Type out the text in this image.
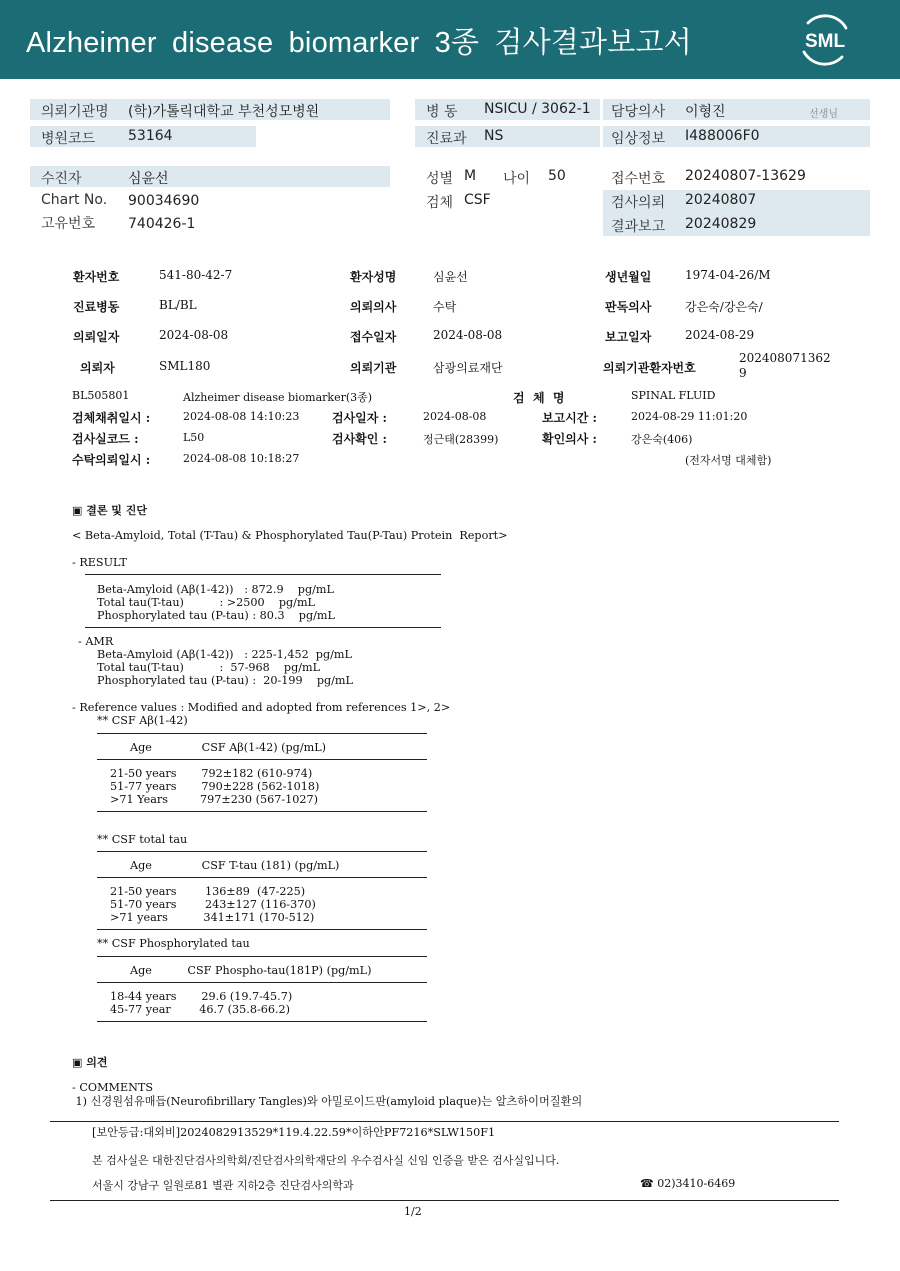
Alzheimer disease biomarker 3종 검사결과보고서	SML
의뢰기관명 (학)가톨릭대학교 부천성모병원
병원코드 53164
병 동 NSICU / 3062-1
진료과 NS
담당의사 이형진	선생님
임상정보 I488006F0
수진자	심윤선
Chart No. 90034690
고유번호 740426-1
성별 M 나이 50
검체 CSF
접수번호 20240807-13629
검사의뢰 20240807
결과보고 20240829
환자번호	541-80-42-7	환자성명	심윤선	생년월일	1974-04-26/M
진료병동	BL/BL	의뢰의사	수탁	판독의사	강은숙/강은숙/
의뢰일자	2024-08-08	접수일자	2024-08-08	보고일자	2024-08-29
의뢰자	SML180	의뢰기관	삼광의료재단	의뢰기관환자번호
202408071362
9
BL505801	Alzheimer disease biomarker(3종)	검  체  명	SPINAL FLUID
검체채취일시 :	2024-08-08 14:10:23	검사일자 :	2024-08-08	보고시간 :	2024-08-29 11:01:20
검사실코드 :	L50	검사확인 :	정근태(28399)	확인의사 :	강은숙(406)
수탁의뢰일시 :	2024-08-08 10:18:27	(전자서명 대체함)
▣ 결론 및 진단
< Beta-Amyloid, Total (T-Tau) & Phosphorylated Tau(P-Tau) Protein  Report>
- RESULT
Beta-Amyloid (Aβ(1-42))   : 872.9    pg/mL
Total tau(T-tau)          : >2500    pg/mL
Phosphorylated tau (P-tau) : 80.3    pg/mL
- AMR
Beta-Amyloid (Aβ(1-42))   : 225-1,452  pg/mL
Total tau(T-tau)          :  57-968    pg/mL
Phosphorylated tau (P-tau) :  20-199    pg/mL
- Reference values : Modified and adopted from references 1>, 2>
** CSF Aβ(1-42)
Age              CSF Aβ(1-42) (pg/mL)
21-50 years       792±182 (610-974)
51-77 years       790±228 (562-1018)
>71 Years         797±230 (567-1027)
** CSF total tau
Age              CSF T-tau (181) (pg/mL)
21-50 years        136±89  (47-225)
51-70 years        243±127 (116-370)
>71 years          341±171 (170-512)
** CSF Phosphorylated tau
Age          CSF Phospho-tau(181P) (pg/mL)
18-44 years       29.6 (19.7-45.7)
45-77 year        46.7 (35.8-66.2)
▣ 의견
- COMMENTS
1) 신경원섬유매듭(Neurofibrillary Tangles)와 아밀로이드판(amyloid plaque)는 알츠하이머질환의
[보안등급:대외비]2024082913529*119.4.22.59*이하안PF7216*SLW150F1
본 검사실은 대한진단검사의학회/진단검사의학재단의 우수검사실 신임 인증을 받은 검사실입니다.
서울시 강남구 일원로81 별관 지하2층 진단검사의학과	☎ 02)3410-6469
1/2
